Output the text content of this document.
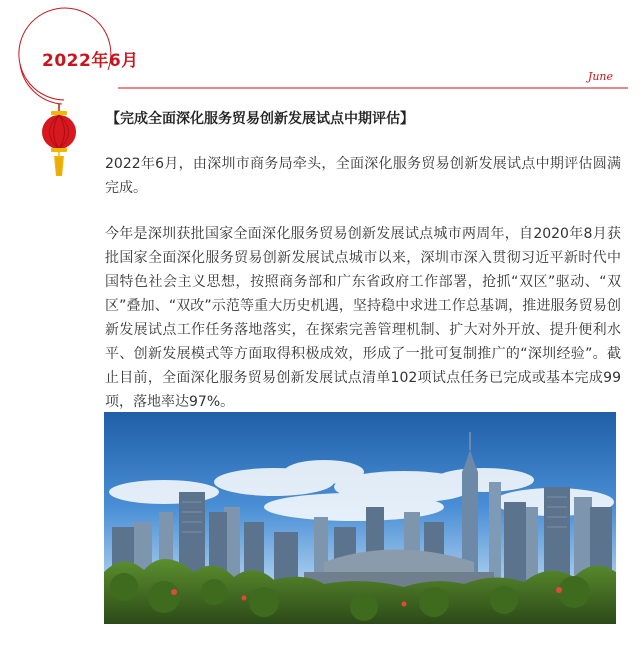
2022年6月
June
【完成全面深化服务贸易创新发展试点中期评估】

2022年6月，由深圳市商务局牵头，全面深化服务贸易创新发展试点中期评估圆满完成。

今年是深圳获批国家全面深化服务贸易创新发展试点城市两周年，自2020年8月获批国家全面深化服务贸易创新发展试点城市以来，深圳市深入贯彻习近平新时代中国特色社会主义思想，按照商务部和广东省政府工作部署，抢抓“双区”驱动、“双区”叠加、“双改”示范等重大历史机遇，坚持稳中求进工作总基调，推进服务贸易创新发展试点工作任务落地落实，在探索完善管理机制、扩大对外开放、提升便利水平、创新发展模式等方面取得积极成效，形成了一批可复制推广的“深圳经验”。截止目前，全面深化服务贸易创新发展试点清单102项试点任务已完成或基本完成99项，落地率达97%。
